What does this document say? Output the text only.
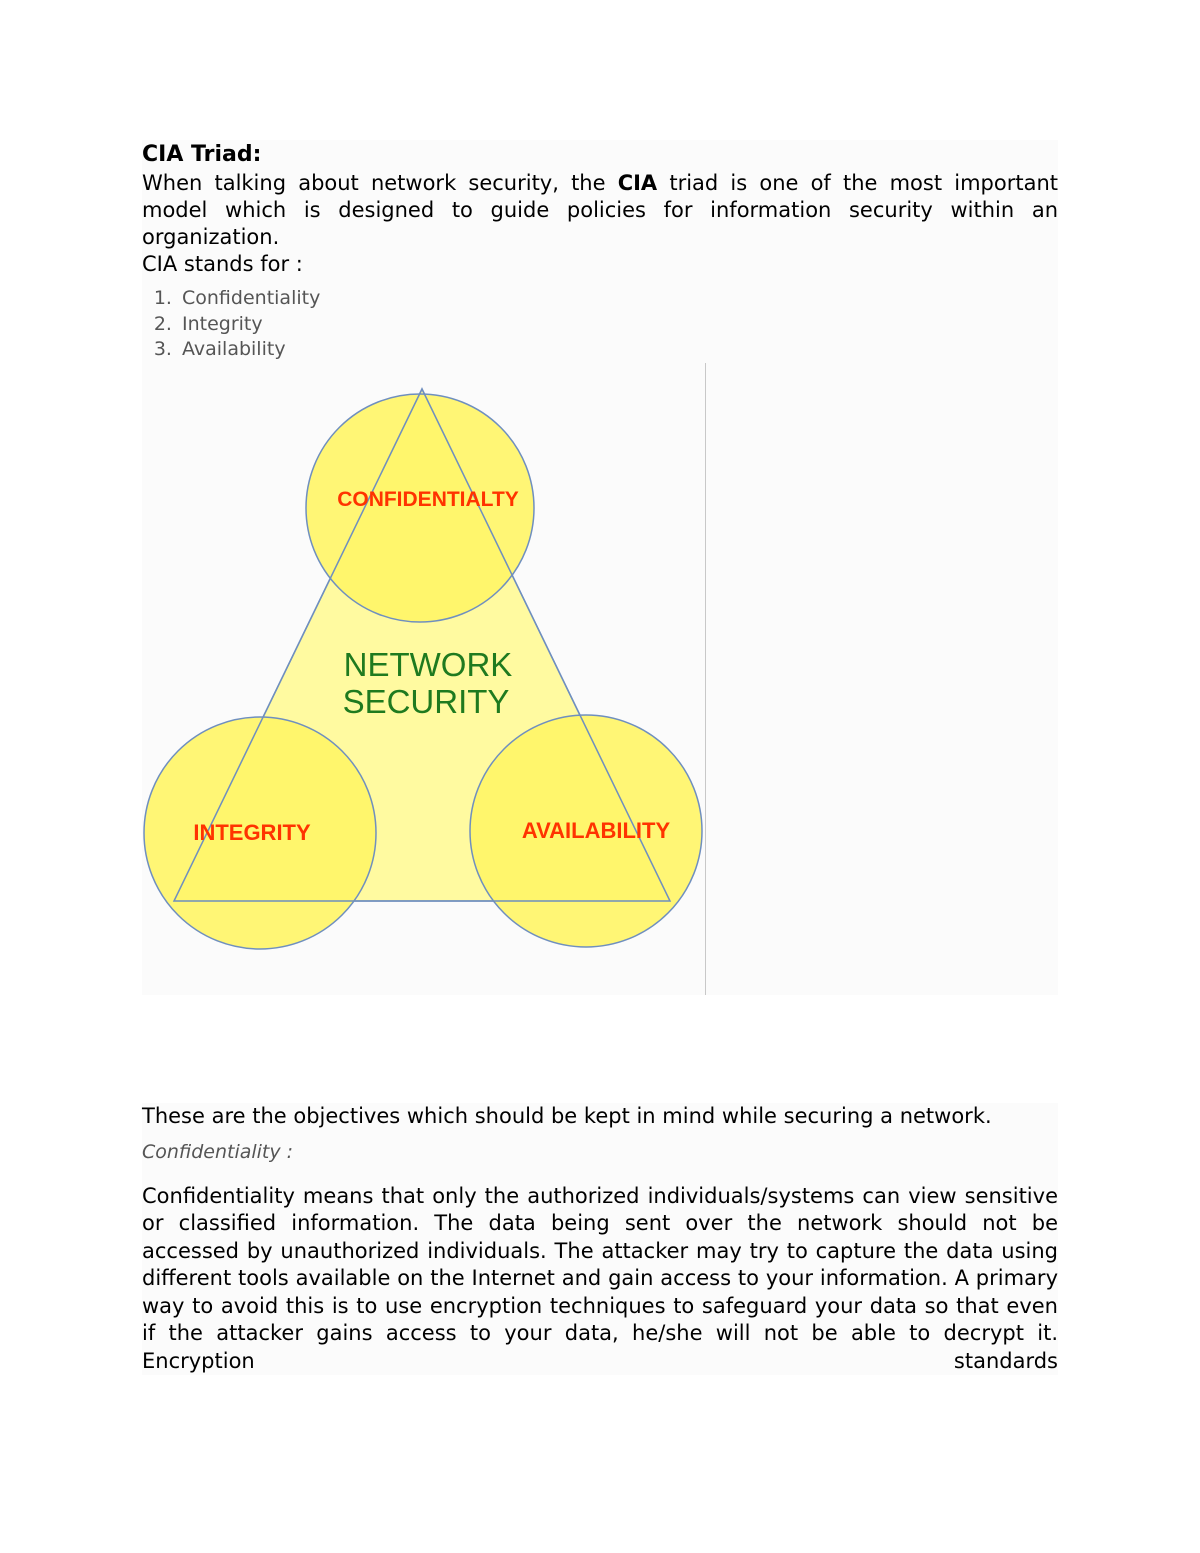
CIA Triad:

When talking about network security, the CIA triad is one of the most important model which is designed to guide policies for information security within an organization.

CIA stands for :

1. Confidentiality
2. Integrity
3. Availability
CONFIDENTIALTY
NETWORK
SECURITY
INTEGRITY	AVAILABILITY

These are the objectives which should be kept in mind while securing a network.

Confidentiality :

Confidentiality means that only the authorized individuals/systems can view sensitive or classified information. The data being sent over the network should not be accessed by unauthorized individuals. The attacker may try to capture the data using different tools available on the Internet and gain access to your information. A primary way to avoid this is to use encryption techniques to safeguard your data so that even if the attacker gains access to your data, he/she will not be able to decrypt it. Encryption standards
